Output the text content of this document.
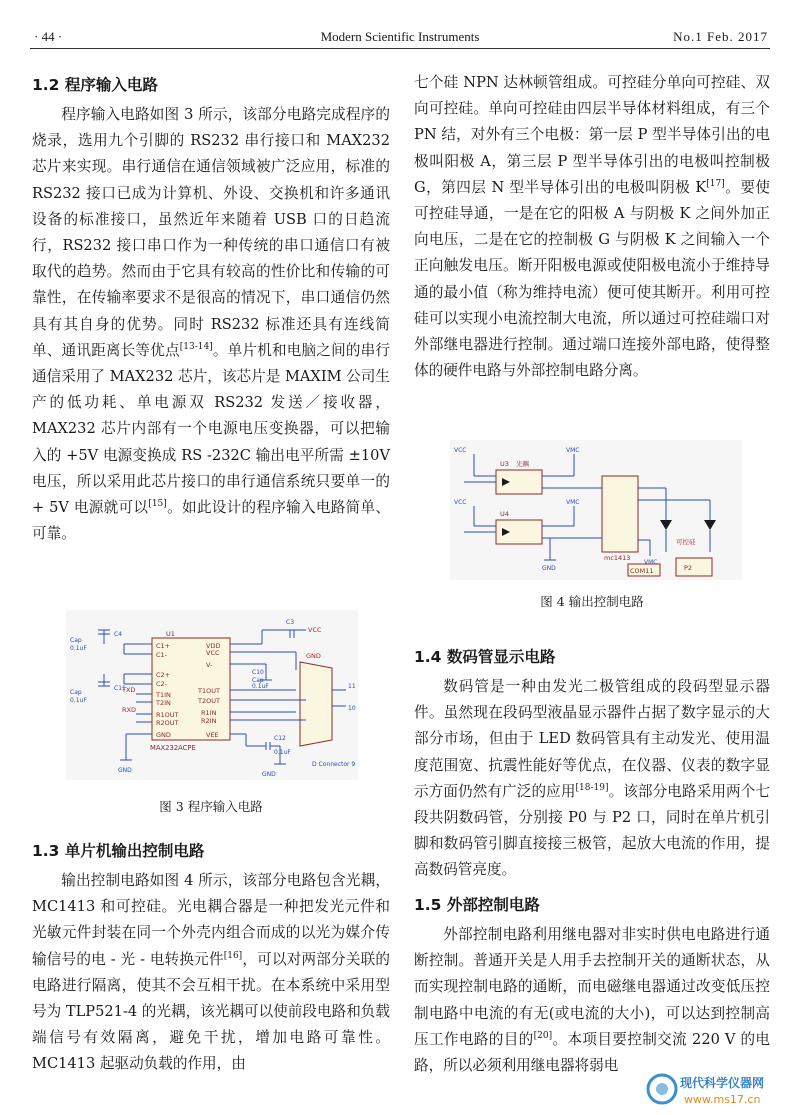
· 44 ·	Modern Scientific Instruments	No.1 Feb. 2017
1.2 程序输入电路
程序输入电路如图 3 所示，该部分电路完成程序的烧录，选用九个引脚的 RS232 串行接口和 MAX232 芯片来实现。串行通信在通信领域被广泛应用，标准的 RS232 接口已成为计算机、外设、交换机和许多通讯设备的标准接口，虽然近年来随着 USB 口的日趋流行，RS232 接口串口作为一种传统的串口通信口有被取代的趋势。然而由于它具有较高的性价比和传输的可靠性，在传输率要求不是很高的情况下，串口通信仍然具有其自身的优势。同时 RS232 标准还具有连线简单、通讯距离长等优点[13-14]。单片机和电脑之间的串行通信采用了 MAX232 芯片，该芯片是 MAXIM 公司生产的低功耗、单电源双 RS232 发送／接收器，MAX232 芯片内部有一个电源电压变换器，可以把输入的 +5V 电源变换成 RS -232C 输出电平所需 ±10V 电压，所以采用此芯片接口的串行通信系统只要单一的 + 5V 电源就可以[15]。如此设计的程序输入电路简单、可靠。
U1
C1+
C1-
C2+
C2-
T1IN
T2IN
R1OUT
R2OUT
GND
VDD
VCC
V-
T1OUT
T2OUT
R1IN
R2IN
VEE
MAX232ACPE
C4
Cap
0.1uF
C11
Cap
0.1uF
C3
C10
Cap
0.1uF
C12
0.1uF
GND
GND
D Connector 9
11
10
VCC
TXD
RXD
GND
图 3 程序输入电路
1.3 单片机输出控制电路
输出控制电路如图 4 所示，该部分电路包含光耦，MC1413 和可控硅。光电耦合器是一种把发光元件和光敏元件封装在同一个外壳内组合而成的以光为媒介传输信号的电 - 光 - 电转换元件[16]，可以对两部分关联的电路进行隔离，使其不会互相干扰。在本系统中采用型号为 TLP521-4 的光耦，该光耦可以使前段电路和负载端信号有效隔离，避免干扰，增加电路可靠性。MC1413 起驱动负载的作用，由
七个硅 NPN 达林顿管组成。可控硅分单向可控硅、双向可控硅。单向可控硅由四层半导体材料组成，有三个 PN 结，对外有三个电极：第一层 P 型半导体引出的电极叫阳极 A，第三层 P 型半导体引出的电极叫控制极 G，第四层 N 型半导体引出的电极叫阴极 K[17]。要使可控硅导通，一是在它的阳极 A 与阴极 K 之间外加正向电压，二是在它的控制极 G 与阴极 K 之间输入一个正向触发电压。断开阳极电源或使阳极电流小于维持导通的最小值（称为维持电流）便可使其断开。利用可控硅可以实现小电流控制大电流，所以通过可控硅端口对外部继电器进行控制。通过端口连接外部电路，使得整体的硬件电路与外部控制电路分离。
VCC
VCC
VMC
VMC
GND
VMC
U3 光耦
U4
mc1413
可控硅
COM11	P2
图 4 输出控制电路
1.4 数码管显示电路
数码管是一种由发光二极管组成的段码型显示器件。虽然现在段码型液晶显示器件占据了数字显示的大部分市场，但由于 LED 数码管具有主动发光、使用温度范围宽、抗震性能好等优点，在仪器、仪表的数字显示方面仍然有广泛的应用[18-19]。该部分电路采用两个七段共阴数码管，分别接 P0 与 P2 口，同时在单片机引脚和数码管引脚直接接三极管，起放大电流的作用，提高数码管亮度。
1.5 外部控制电路
外部控制电路利用继电器对非实时供电电路进行通断控制。普通开关是人用手去控制开关的通断状态，从而实现控制电路的通断，而电磁继电器通过改变低压控制电路中电流的有无(或电流的大小)，可以达到控制高压工作电路的目的[20]。本项目要控制交流 220 V 的电路，所以必须利用继电器将弱电
现代科学仪器网
www.ms17.cn
